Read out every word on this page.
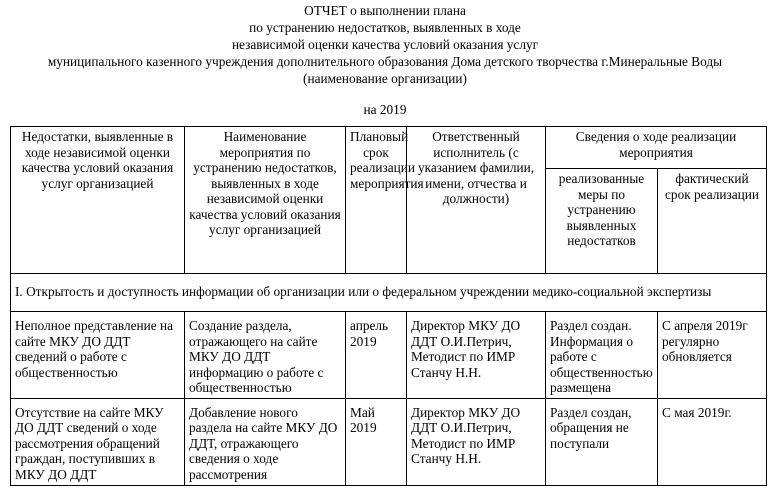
ОТЧЕТ о выполнении плана
по устранению недостатков, выявленных в ходе
независимой оценки качества условий оказания услуг
муниципального казенного учреждения дополнительного образования Дома детского творчества г.Минеральные Воды
(наименование организации)
на 2019
Недостатки, выявленные в ходе независимой оценки качества условий оказания услуг организацией	Наименование мероприятия по устранению недостатков, выявленных в ходе независимой оценки качества условий оказания услуг организацией	Плановый срок реализации мероприятия	Ответственный исполнитель (с указанием фамилии, имени, отчества и должности)	Сведения о ходе реализации мероприятия	
				реализованные меры по устранению выявленных недостатков	фактический срок реализации
I. Открытость и доступность информации об организации или о федеральном учреждении медико-социальной экспертизы					
Неполное представление на сайте МКУ ДО ДДТ сведений о работе с общественностью	Создание раздела, отражающего на сайте МКУ ДО ДДТ информацию о работе с общественностью	апрель 2019	Директор МКУ ДО ДДТ О.И.Петрич, Методист по ИМР Станчу Н.Н.	Раздел создан. Информация о работе с общественностью размещена	С апреля 2019г регулярно обновляется
Отсутствие на сайте МКУ ДО ДДТ сведений о ходе рассмотрения обращений граждан, поступивших в МКУ ДО ДДТ	Добавление нового раздела на сайте МКУ ДО ДДТ, отражающего сведения о ходе рассмотрения	Май 2019	Директор МКУ ДО ДДТ О.И.Петрич, Методист по ИМР Станчу Н.Н.	Раздел создан, обращения не поступали	С мая 2019г.
